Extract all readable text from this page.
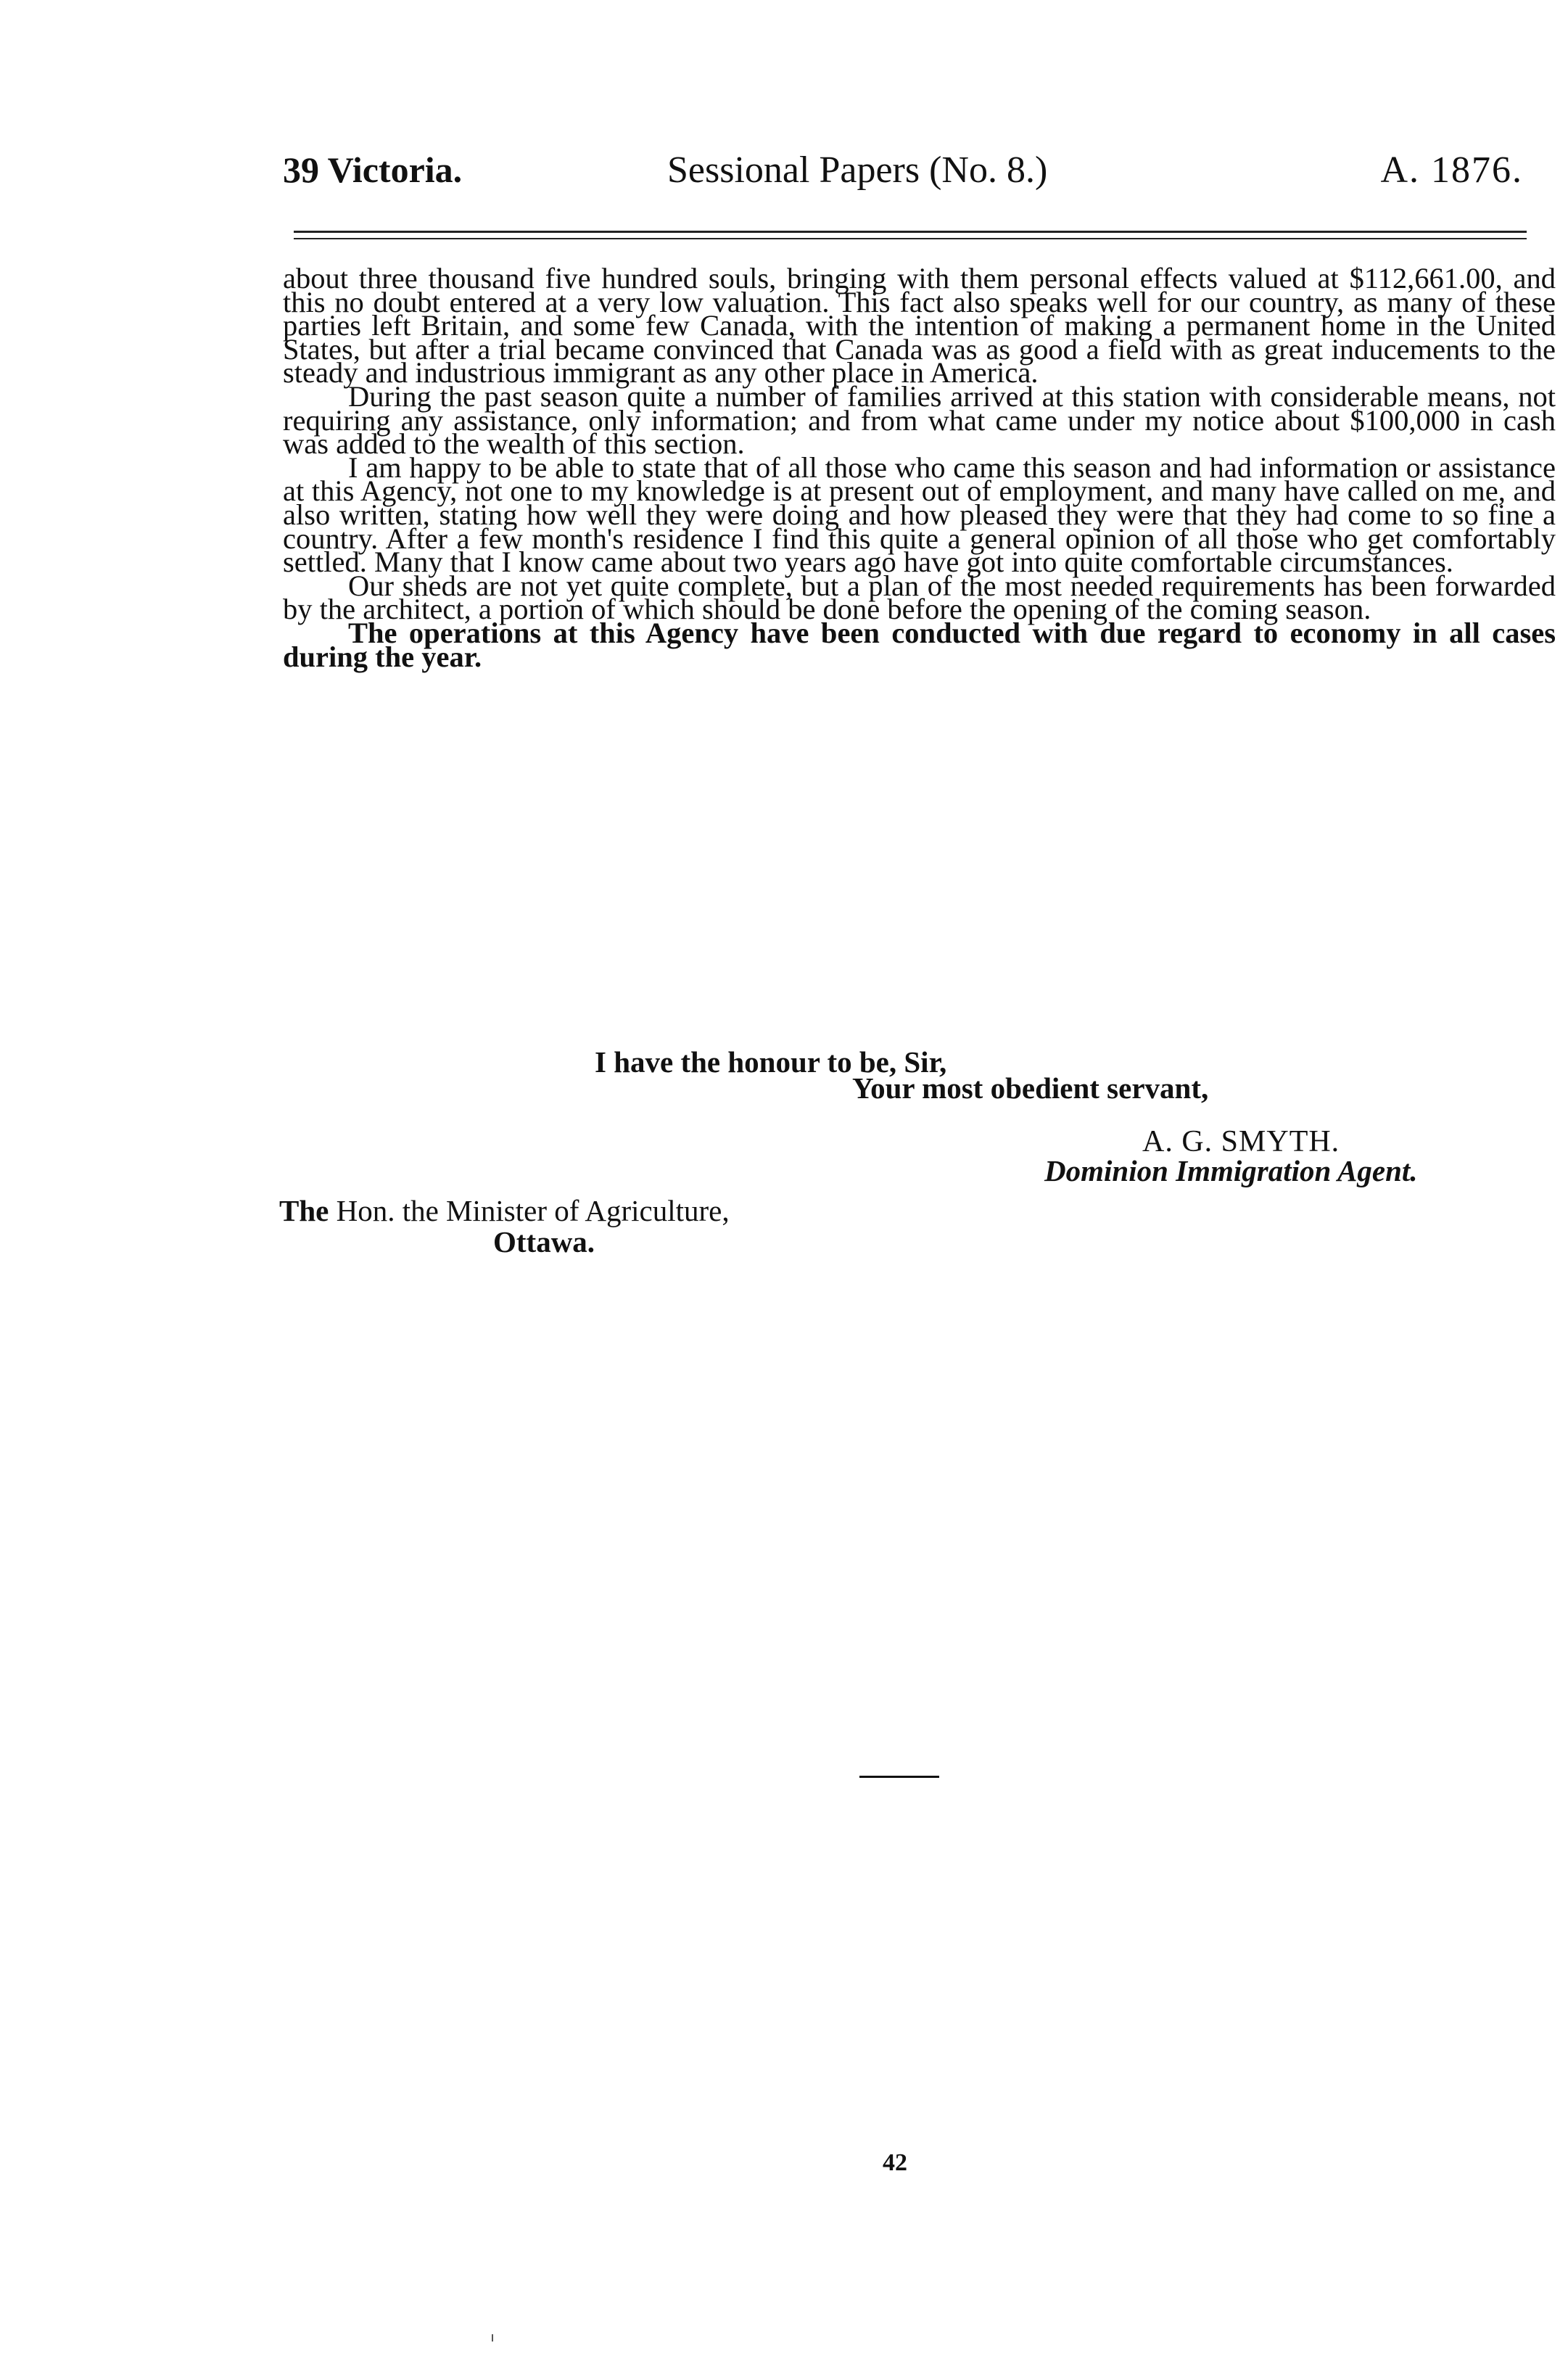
39 Victoria.	Sessional Papers (No. 8.)	A. 1876.

about three thousand five hundred souls, bringing with them personal effects valued at $112,661.00, and this no doubt entered at a very low valuation. This fact also speaks well for our country, as many of these parties left Britain, and some few Canada, with the intention of making a permanent home in the United States, but after a trial became convinced that Canada was as good a field with as great inducements to the steady and industrious immigrant as any other place in America.

During the past season quite a number of families arrived at this station with considerable means, not requiring any assistance, only information; and from what came under my notice about $100,000 in cash was added to the wealth of this section.

I am happy to be able to state that of all those who came this season and had information or assistance at this Agency, not one to my knowledge is at present out of employment, and many have called on me, and also written, stating how well they were doing and how pleased they were that they had come to so fine a country. After a few month's residence I find this quite a general opinion of all those who get comfortably settled. Many that I know came about two years ago have got into quite comfortable circumstances.

Our sheds are not yet quite complete, but a plan of the most needed requirements has been forwarded by the architect, a portion of which should be done before the opening of the coming season.

The operations at this Agency have been conducted with due regard to economy in all cases during the year.

I have the honour to be, Sir,
Your most obedient servant,
A. G. SMYTH.
Dominion Immigration Agent.
The Hon. the Minister of Agriculture,
Ottawa.
42
